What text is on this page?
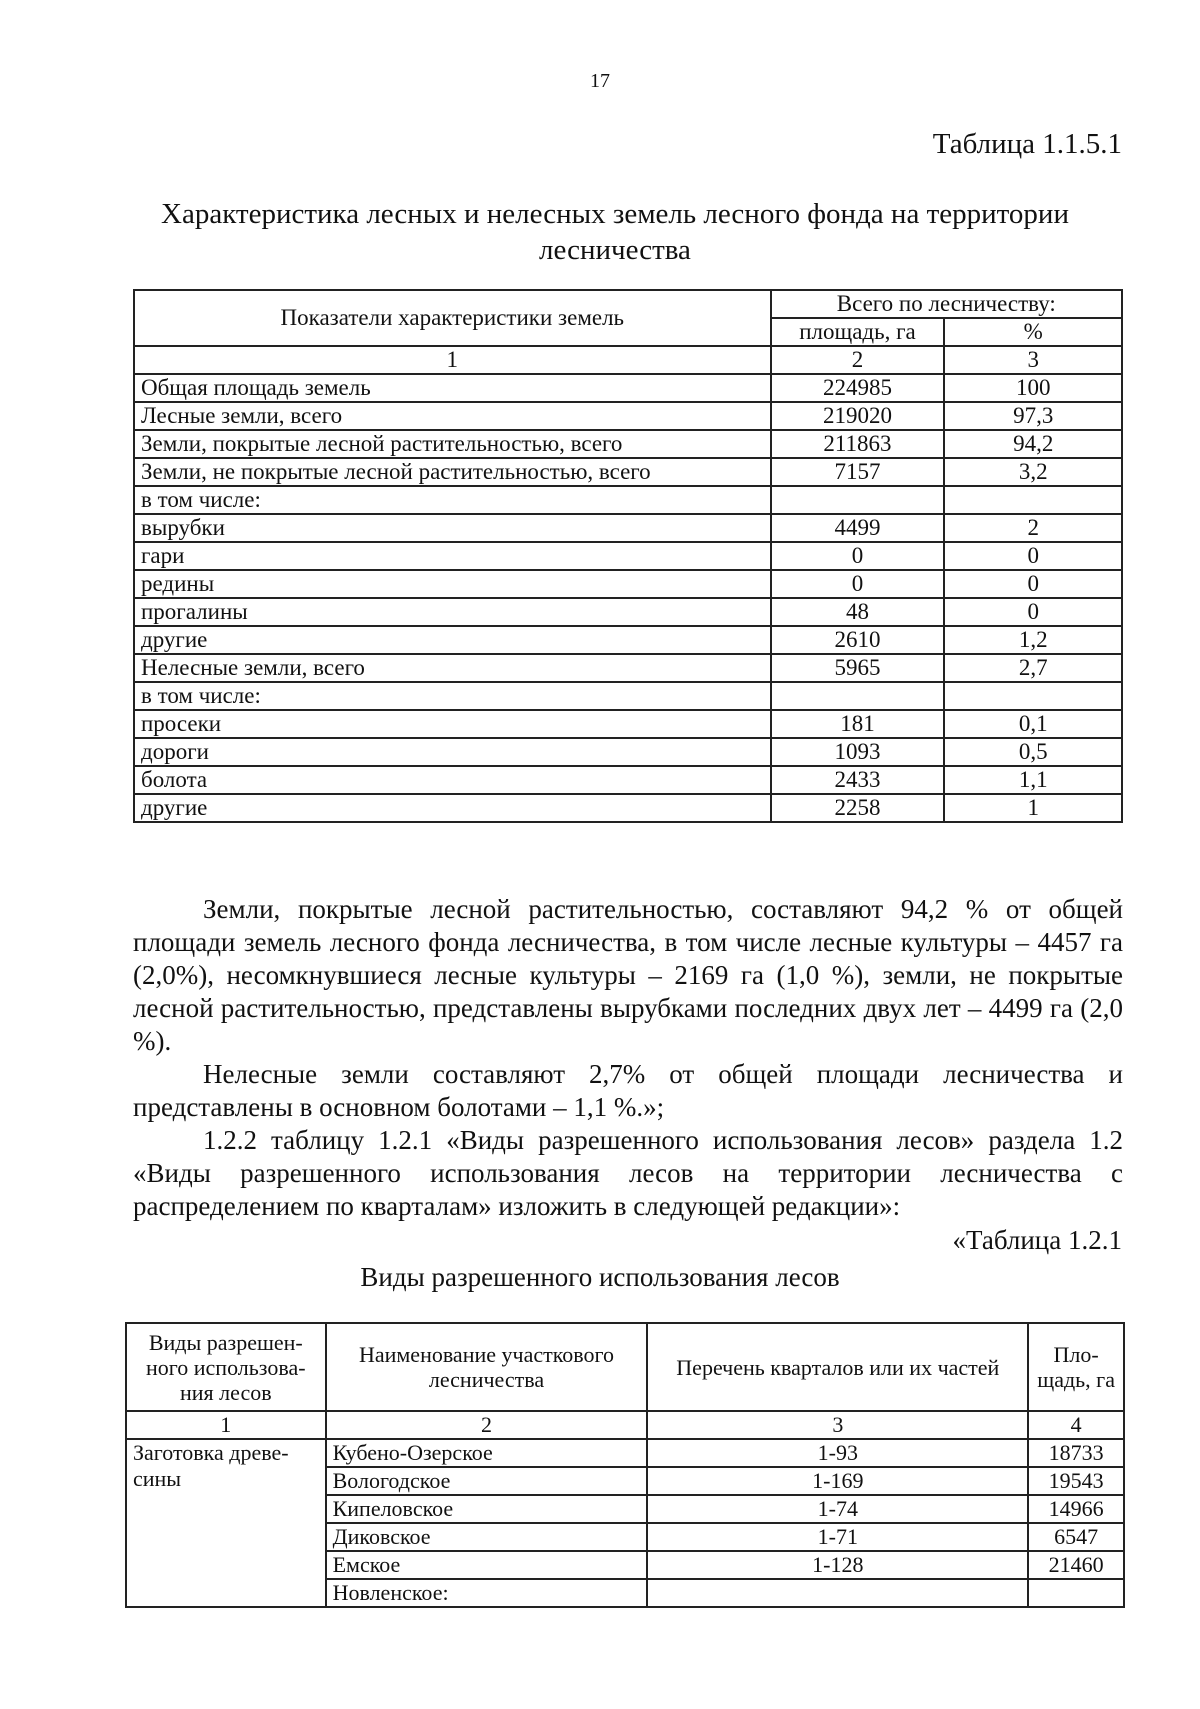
17
Таблица 1.1.5.1
Характеристика лесных и нелесных земель лесного фонда на территории
лесничества
Показатели характеристики земель	Всего по лесничеству:	
	площадь, га	%
1	2	3
Общая площадь земель	224985	100
Лесные земли, всего	219020	97,3
Земли, покрытые лесной растительностью, всего	211863	94,2
Земли, не покрытые лесной растительностью, всего	7157	3,2
в том числе:		
вырубки	4499	2
гари	0	0
редины	0	0
прогалины	48	0
другие	2610	1,2
Нелесные земли, всего	5965	2,7
в том числе:		
просеки	181	0,1
дороги	1093	0,5
болота	2433	1,1
другие	2258	1

Земли, покрытые лесной растительностью, составляют 94,2 % от общей площади земель лесного фонда лесничества, в том числе лесные культуры – 4457 га (2,0%), несомкнувшиеся лесные культуры – 2169 га (1,0 %), земли, не покрытые лесной растительностью, представлены вырубками последних двух лет – 4499 га (2,0 %).

Нелесные земли составляют 2,7% от общей площади лесничества и представлены в основном болотами – 1,1 %.»;

1.2.2 таблицу 1.2.1 «Виды разрешенного использования лесов» раздела 1.2 «Виды разрешенного использования лесов на территории лесничества с распределением по кварталам» изложить в следующей редакции»:

«Таблица 1.2.1
Виды разрешенного использования лесов
Виды разрешен-ного использова-ния лесов	Наименование участкового лесничества	Перечень кварталов или их частей	Пло-щадь, га
1	2	3	4
Заготовка древе-сины	Кубено-Озерское	1-93	18733
	Вологодское	1-169	19543
	Кипеловское	1-74	14966
	Диковское	1-71	6547
	Емское	1-128	21460
	Новленское:		
